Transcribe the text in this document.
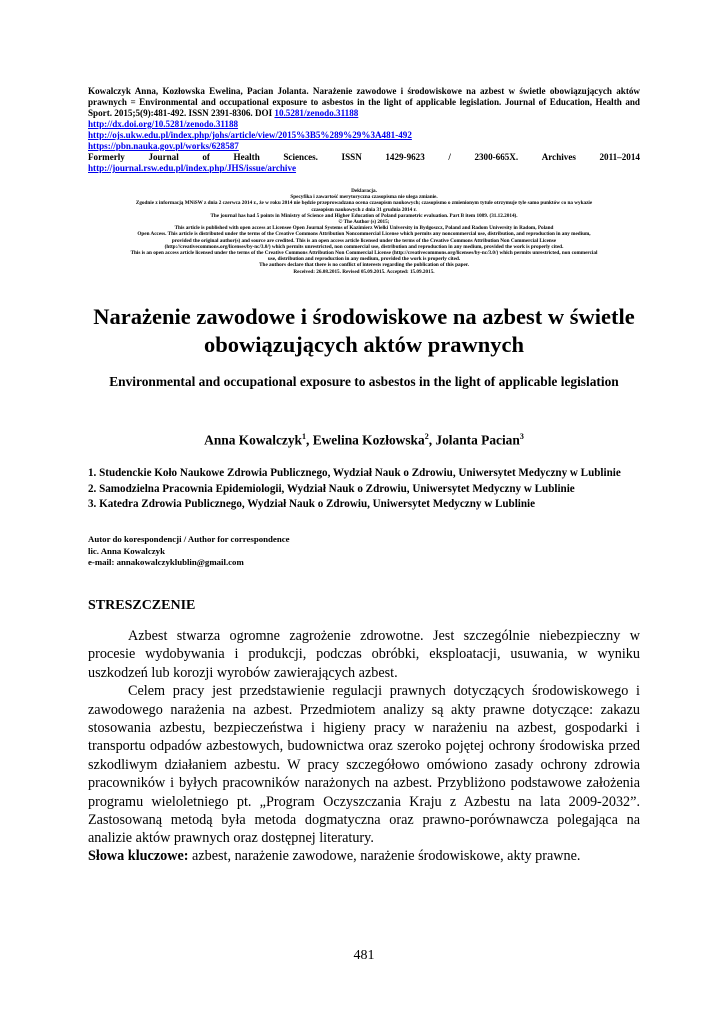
Kowalczyk Anna, Kozłowska Ewelina, Pacian Jolanta. Narażenie zawodowe i środowiskowe na azbest w świetle obowiązujących aktów prawnych = Environmental and occupational exposure to asbestos in the light of applicable legislation. Journal of Education, Health and Sport. 2015;5(9):481-492. ISSN 2391-8306. DOI 10.5281/zenodo.31188

http://dx.doi.org/10.5281/zenodo.31188

http://ojs.ukw.edu.pl/index.php/johs/article/view/2015%3B5%289%29%3A481-492

https://pbn.nauka.gov.pl/works/628587

Formerly	Journal	of	Health	Sciences.	ISSN	1429-9623	/	2300-665X.	Archives	2011–2014

http://journal.rsw.edu.pl/index.php/JHS/issue/archive

Deklaracja.
Specyfika i zawartość merytoryczna czasopisma nie ulega zmianie.
Zgodnie z informacją MNiSW z dnia 2 czerwca 2014 r., że w roku 2014 nie będzie przeprowadzana ocena czasopism naukowych; czasopismo o zmienionym tytule otrzymuje tyle samo punktów co na wykazie
czasopism naukowych z dnia 31 grudnia 2014 r.
The journal has had 5 points in Ministry of Science and Higher Education of Poland parametric evaluation. Part B item 1089. (31.12.2014).
© The Author (s) 2015;
This article is published with open access at Licensee Open Journal Systems of Kazimierz Wielki University in Bydgoszcz, Poland and Radom University in Radom, Poland
Open Access. This article is distributed under the terms of the Creative Commons Attribution Noncommercial License which permits any noncommercial use, distribution, and reproduction in any medium,
provided the original author(s) and source are credited. This is an open access article licensed under the terms of the Creative Commons Attribution Non Commercial License
(http://creativecommons.org/licenses/by-nc/3.0/) which permits unrestricted, non commercial use, distribution and reproduction in any medium, provided the work is properly cited.
This is an open access article licensed under the terms of the Creative Commons Attribution Non Commercial License (http://creativecommons.org/licenses/by-nc/3.0/) which permits unrestricted, non commercial
use, distribution and reproduction in any medium, provided the work is properly cited.
The authors declare that there is no conflict of interests regarding the publication of this paper.
Received: 26.08.2015. Revised 05.09.2015. Accepted: 15.09.2015.
Narażenie zawodowe i środowiskowe na azbest w świetle obowiązujących aktów prawnych
Environmental and occupational exposure to asbestos in the light of applicable legislation
Anna Kowalczyk$^1$, Ewelina Kozłowska$^2$, Jolanta Pacian$^3$

1. Studenckie Koło Naukowe Zdrowia Publicznego, Wydział Nauk o Zdrowiu, Uniwersytet Medyczny w Lublinie

2. Samodzielna Pracownia Epidemiologii, Wydział Nauk o Zdrowiu, Uniwersytet Medyczny w Lublinie

3. Katedra Zdrowia Publicznego, Wydział Nauk o Zdrowiu, Uniwersytet Medyczny w Lublinie

Autor do korespondencji / Author for correspondence

lic. Anna Kowalczyk

e-mail: annakowalczyklublin@gmail.com

STRESZCZENIE

Azbest stwarza ogromne zagrożenie zdrowotne. Jest szczególnie niebezpieczny w procesie wydobywania i produkcji, podczas obróbki, eksploatacji, usuwania, w wyniku uszkodzeń lub korozji wyrobów zawierających azbest.

Celem pracy jest przedstawienie regulacji prawnych dotyczących środowiskowego i zawodowego narażenia na azbest. Przedmiotem analizy są akty prawne dotyczące: zakazu stosowania azbestu, bezpieczeństwa i higieny pracy w narażeniu na azbest, gospodarki i transportu odpadów azbestowych, budownictwa oraz szeroko pojętej ochrony środowiska przed szkodliwym działaniem azbestu. W pracy szczegółowo omówiono zasady ochrony zdrowia pracowników i byłych pracowników narażonych na azbest. Przybliżono podstawowe założenia programu wieloletniego pt. „Program Oczyszczania Kraju z Azbestu na lata 2009-2032”. Zastosowaną metodą była metoda dogmatyczna oraz prawno-porównawcza polegająca na analizie aktów prawnych oraz dostępnej literatury.

Słowa kluczowe: azbest, narażenie zawodowe, narażenie środowiskowe, akty prawne.
481
